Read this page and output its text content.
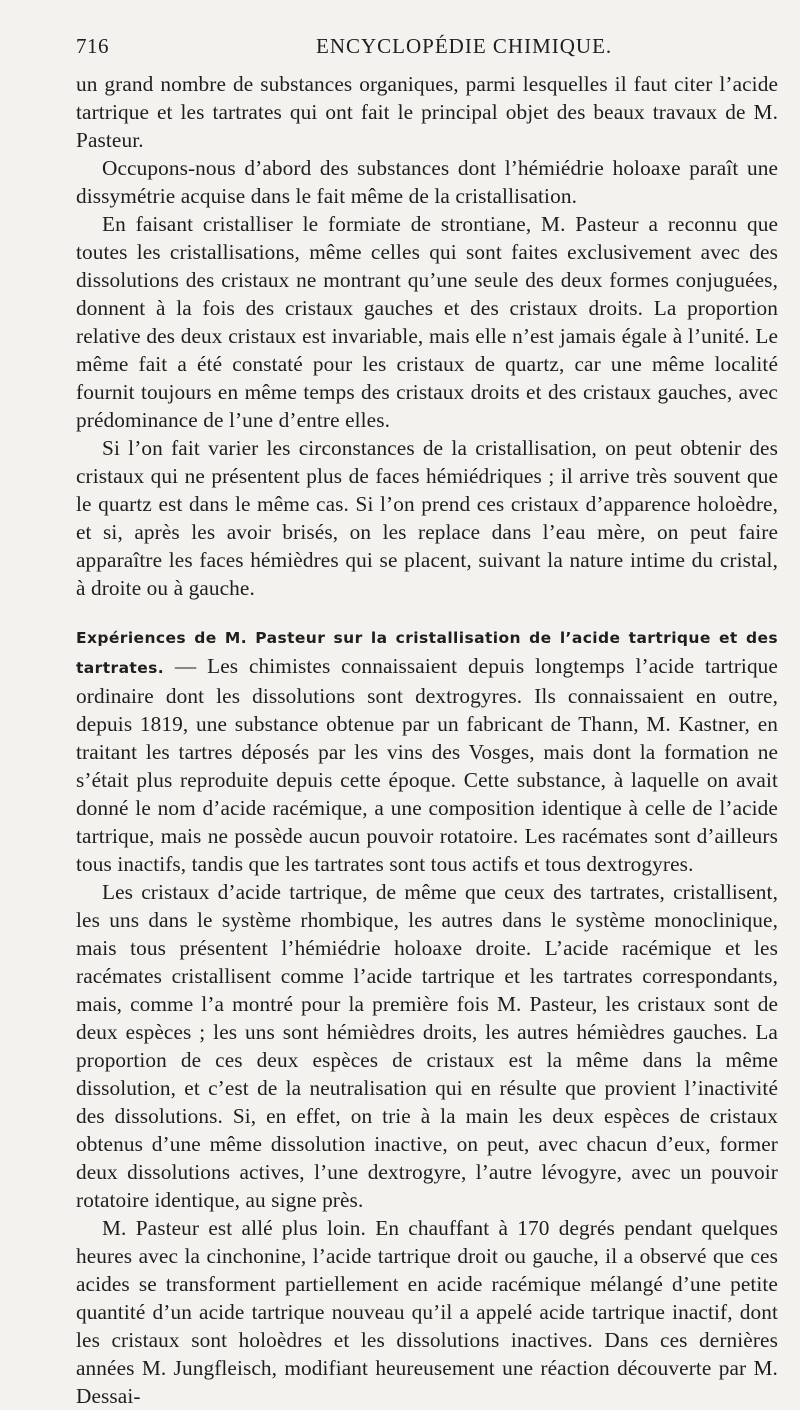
716	ENCYCLOPÉDIE CHIMIQUE.

un grand nombre de substances organiques, parmi lesquelles il faut citer l’acide tartrique et les tartrates qui ont fait le principal objet des beaux travaux de M. Pasteur.

Occupons-nous d’abord des substances dont l’hémiédrie holoaxe paraît une dissymétrie acquise dans le fait même de la cristallisation.

En faisant cristalliser le formiate de strontiane, M. Pasteur a reconnu que toutes les cristallisations, même celles qui sont faites exclusivement avec des dissolutions des cristaux ne montrant qu’une seule des deux formes conjuguées, donnent à la fois des cristaux gauches et des cristaux droits. La proportion relative des deux cristaux est invariable, mais elle n’est jamais égale à l’unité. Le même fait a été constaté pour les cristaux de quartz, car une même localité fournit toujours en même temps des cristaux droits et des cristaux gauches, avec prédominance de l’une d’entre elles.

Si l’on fait varier les circonstances de la cristallisation, on peut obtenir des cristaux qui ne présentent plus de faces hémiédriques ; il arrive très souvent que le quartz est dans le même cas. Si l’on prend ces cristaux d’apparence holoèdre, et si, après les avoir brisés, on les replace dans l’eau mère, on peut faire apparaître les faces hémièdres qui se placent, suivant la nature intime du cristal, à droite ou à gauche.

Expériences de M. Pasteur sur la cristallisation de l’acide tartrique et des tartrates. — Les chimistes connaissaient depuis longtemps l’acide tartrique ordinaire dont les dissolutions sont dextrogyres. Ils connaissaient en outre, depuis 1819, une substance obtenue par un fabricant de Thann, M. Kastner, en traitant les tartres déposés par les vins des Vosges, mais dont la formation ne s’était plus reproduite depuis cette époque. Cette substance, à laquelle on avait donné le nom d’acide racémique, a une composition identique à celle de l’acide tartrique, mais ne possède aucun pouvoir rotatoire. Les racémates sont d’ailleurs tous inactifs, tandis que les tartrates sont tous actifs et tous dextrogyres.

Les cristaux d’acide tartrique, de même que ceux des tartrates, cristallisent, les uns dans le système rhombique, les autres dans le système monoclinique, mais tous présentent l’hémiédrie holoaxe droite. L’acide racémique et les racémates cristallisent comme l’acide tartrique et les tartrates correspondants, mais, comme l’a montré pour la première fois M. Pasteur, les cristaux sont de deux espèces ; les uns sont hémièdres droits, les autres hémièdres gauches. La proportion de ces deux espèces de cristaux est la même dans la même dissolution, et c’est de la neutralisation qui en résulte que provient l’inactivité des dissolutions. Si, en effet, on trie à la main les deux espèces de cristaux obtenus d’une même dissolution inactive, on peut, avec chacun d’eux, former deux dissolutions actives, l’une dextrogyre, l’autre lévogyre, avec un pouvoir rotatoire identique, au signe près.

M. Pasteur est allé plus loin. En chauffant à 170 degrés pendant quelques heures avec la cinchonine, l’acide tartrique droit ou gauche, il a observé que ces acides se transforment partiellement en acide racémique mélangé d’une petite quantité d’un acide tartrique nouveau qu’il a appelé acide tartrique inactif, dont les cristaux sont holoèdres et les dissolutions inactives. Dans ces dernières années M. Jungfleisch, modifiant heureusement une réaction découverte par M. Dessai-
